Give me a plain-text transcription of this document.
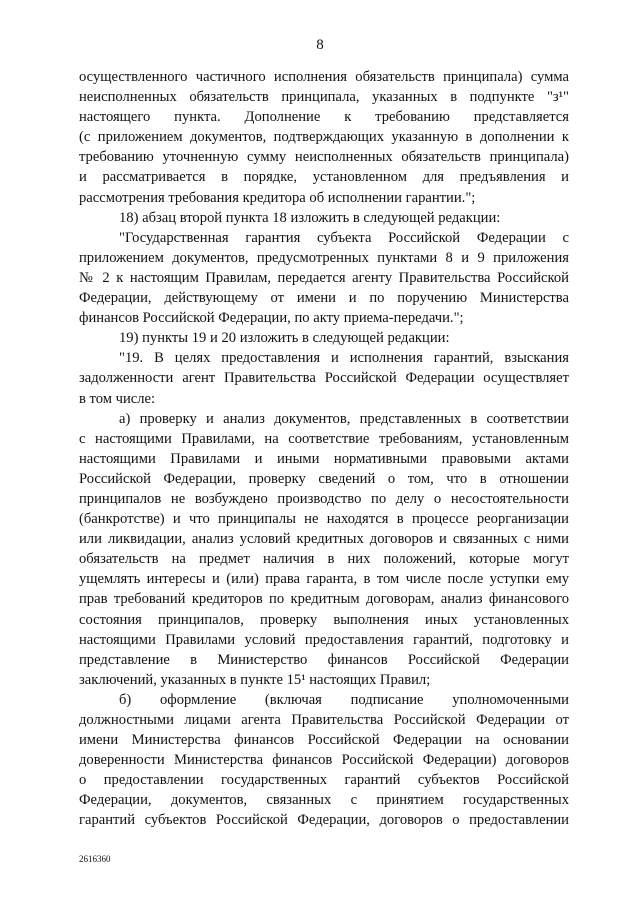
8
осуществленного частичного исполнения обязательств принципала) сумма
неисполненных обязательств принципала, указанных в подпункте "з¹"
настоящего пункта. Дополнение к требованию представляется
(с приложением документов, подтверждающих указанную в дополнении к
требованию уточненную сумму неисполненных обязательств принципала)
и рассматривается в порядке, установленном для предъявления и
рассмотрения требования кредитора об исполнении гарантии.";
18) абзац второй пункта 18 изложить в следующей редакции:
"Государственная гарантия субъекта Российской Федерации с
приложением документов, предусмотренных пунктами 8 и 9 приложения
№ 2 к настоящим Правилам, передается агенту Правительства Российской
Федерации, действующему от имени и по поручению Министерства
финансов Российской Федерации, по акту приема-передачи.";
19) пункты 19 и 20 изложить в следующей редакции:
"19. В целях предоставления и исполнения гарантий, взыскания
задолженности агент Правительства Российской Федерации осуществляет
в том числе:
а) проверку и анализ документов, представленных в соответствии
с настоящими Правилами, на соответствие требованиям, установленным
настоящими Правилами и иными нормативными правовыми актами
Российской Федерации, проверку сведений о том, что в отношении
принципалов не возбуждено производство по делу о несостоятельности
(банкротстве) и что принципалы не находятся в процессе реорганизации
или ликвидации, анализ условий кредитных договоров и связанных с ними
обязательств на предмет наличия в них положений, которые могут
ущемлять интересы и (или) права гаранта, в том числе после уступки ему
прав требований кредиторов по кредитным договорам, анализ финансового
состояния принципалов, проверку выполнения иных установленных
настоящими Правилами условий предоставления гарантий, подготовку и
представление в Министерство финансов Российской Федерации
заключений, указанных в пункте 15¹ настоящих Правил;
б) оформление (включая подписание уполномоченными
должностными лицами агента Правительства Российской Федерации от
имени Министерства финансов Российской Федерации на основании
доверенности Министерства финансов Российской Федерации) договоров
о предоставлении государственных гарантий субъектов Российской
Федерации, документов, связанных с принятием государственных
гарантий субъектов Российской Федерации, договоров о предоставлении
2616360
